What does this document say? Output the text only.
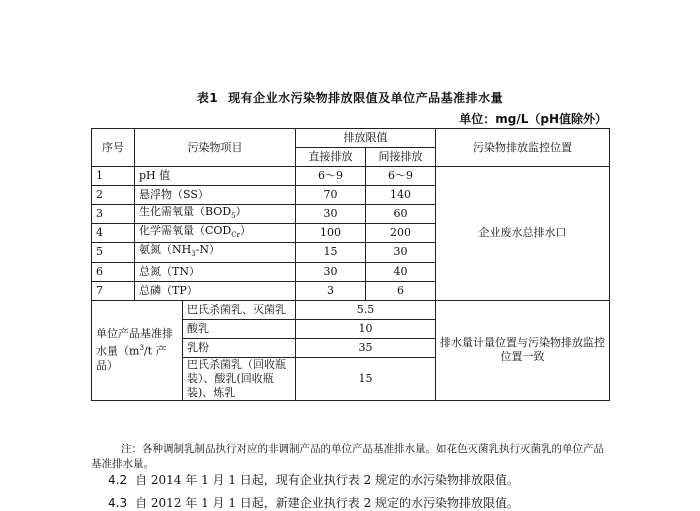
表1 现有企业水污染物排放限值及单位产品基准排水量
单位：mg/L（pH值除外）
序号	污染物项目		排放限值		污染物排放监控位置
			直接排放	间接排放	
1	pH 值		6～9	6～9	企业废水总排水口
2	悬浮物（SS）		70	140	
3	生化需氧量$(BOD_5)$		30	60	
4	化学需氧量$(COD_{Cr})$		100	200	
5	氨氮$(NH_3-N)$		15	30	
6	总氮（TN）		30	40	
7	总磷（TP）		3	6	
单位产品基准排水量（$m^3/t$ 产品）		巴氏杀菌乳、灭菌乳	5.5		排水量计量位置与污染物排放监控位置一致
		酸乳	10		
		乳粉	35		
		巴氏杀菌乳（回收瓶装）、酸乳(回收瓶装)、炼乳	15		
注：各种调制乳制品执行对应的非调制产品的单位产品基准排水量。如花色灭菌乳执行灭菌乳的单位产品基准排水量。
4.2 自 2014 年 1 月 1 日起，现有企业执行表 2 规定的水污染物排放限值。
4.3 自 2012 年 1 月 1 日起，新建企业执行表 2 规定的水污染物排放限值。
